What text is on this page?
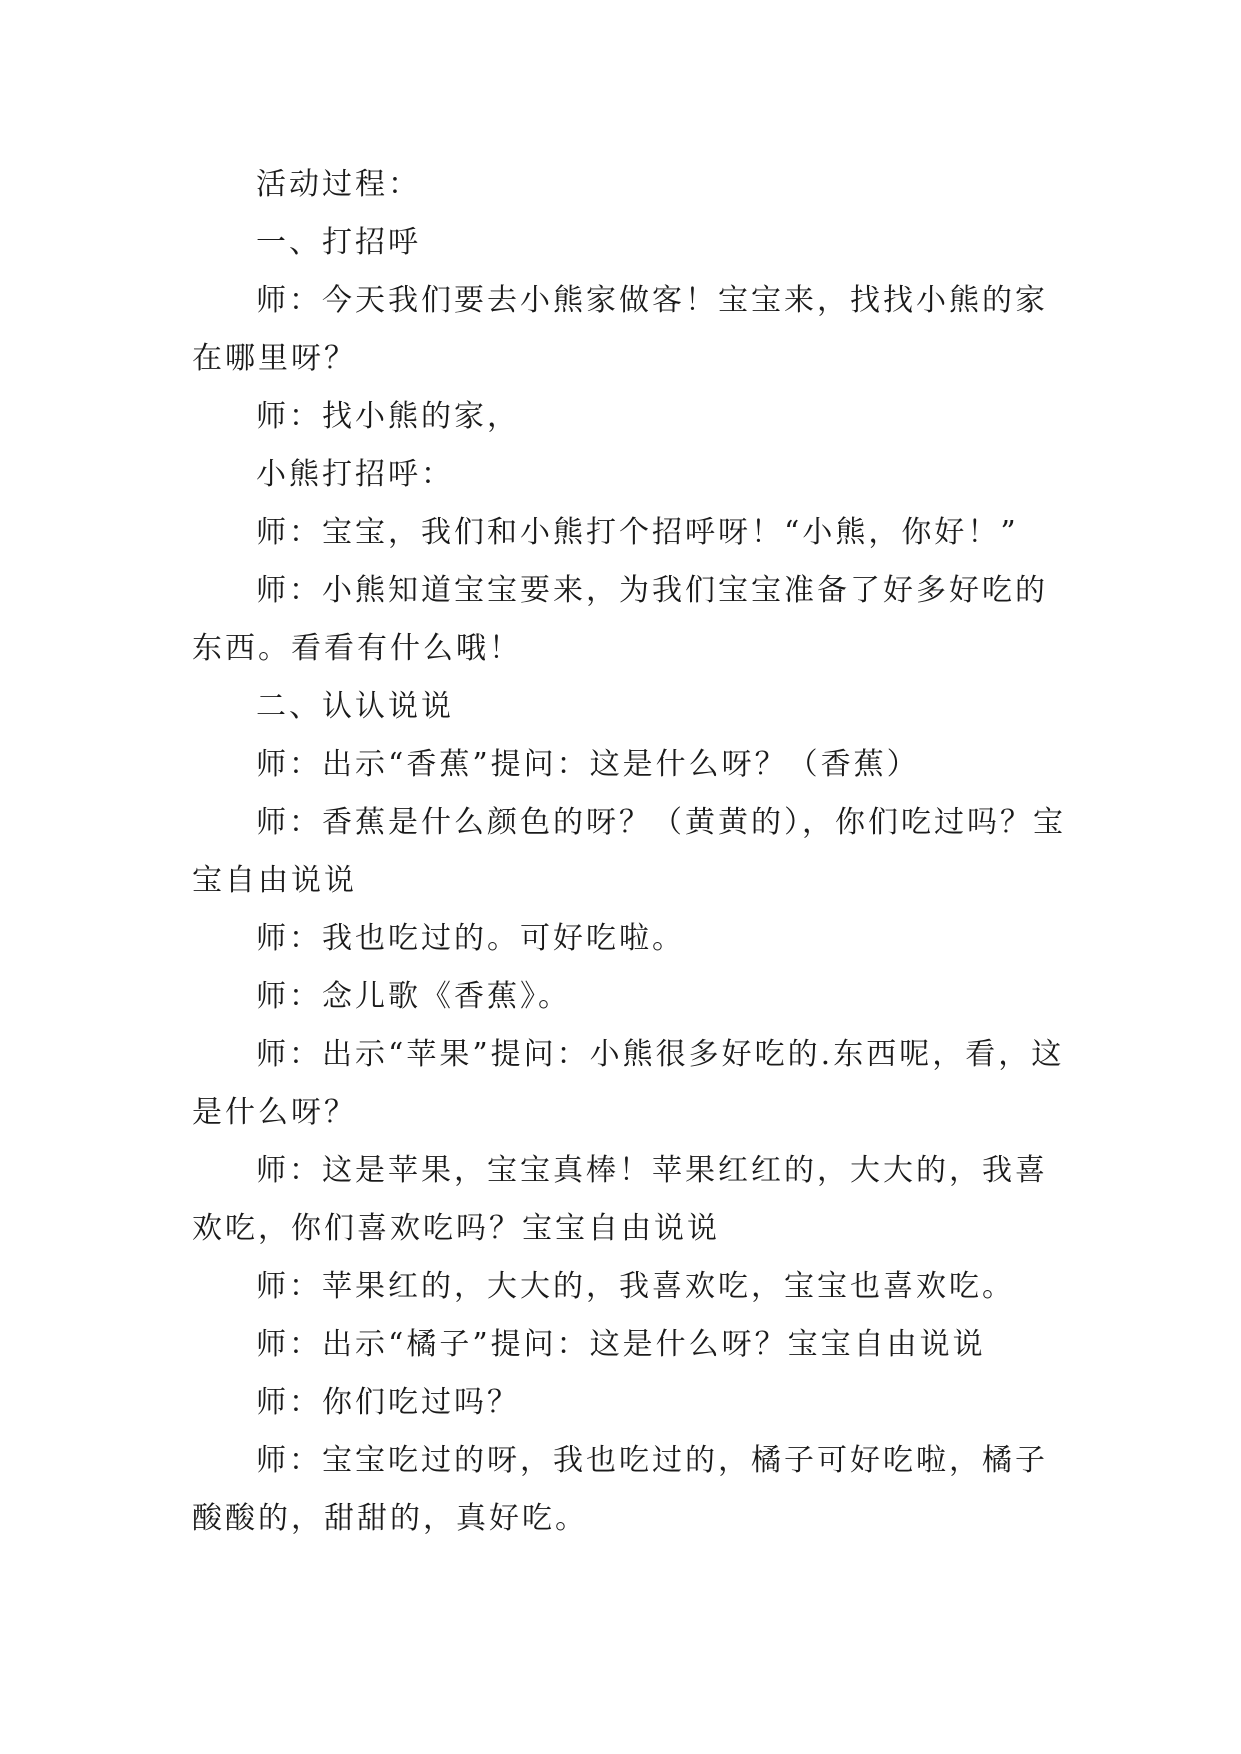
活动过程：

一、打招呼

师：今天我们要去小熊家做客！宝宝来，找找小熊的家在哪里呀？

师：找小熊的家，

小熊打招呼：

师：宝宝，我们和小熊打个招呼呀！“小熊，你好！”

师：小熊知道宝宝要来，为我们宝宝准备了好多好吃的东西。看看有什么哦！

二、认认说说

师：出示“香蕉”提问：这是什么呀？（香蕉）

师：香蕉是什么颜色的呀？（黄黄的），你们吃过吗？宝宝自由说说

师：我也吃过的。可好吃啦。

师：念儿歌《香蕉》。

师：出示“苹果”提问：小熊很多好吃的.东西呢，看，这是什么呀？

师：这是苹果，宝宝真棒！苹果红红的，大大的，我喜欢吃，你们喜欢吃吗？宝宝自由说说

师：苹果红的，大大的，我喜欢吃，宝宝也喜欢吃。

师：出示“橘子”提问：这是什么呀？宝宝自由说说

师：你们吃过吗？

师：宝宝吃过的呀，我也吃过的，橘子可好吃啦，橘子酸酸的，甜甜的，真好吃。
